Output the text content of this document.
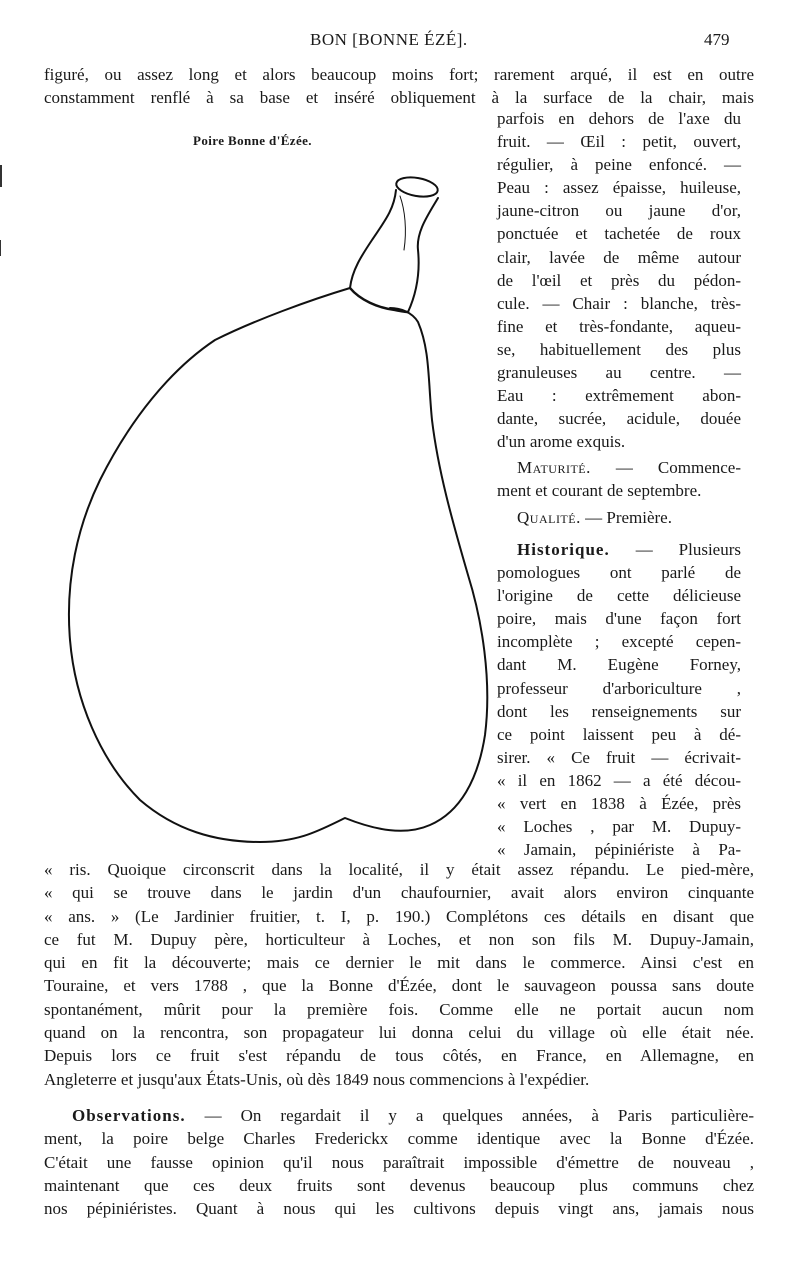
BON [BONNE ÉZÉ].	479
figuré, ou assez long et alors beaucoup moins fort; rarement arqué, il est en outre
constamment renflé à sa base et inséré obliquement à la surface de la chair, mais
Poire Bonne d'Ézée.
parfois en dehors de l'axe du
fruit. — Œil : petit, ouvert,
régulier, à peine enfoncé. —
Peau : assez épaisse, huileuse,
jaune-citron ou jaune d'or,
ponctuée et tachetée de roux
clair, lavée de même autour
de l'œil et près du pédon-
cule. — Chair : blanche, très-
fine et très-fondante, aqueu-
se, habituellement des plus
granuleuses au centre. —
Eau : extrêmement abon-
dante, sucrée, acidule, douée
d'un arome exquis.
Maturité. — Commence-
ment et courant de septembre.
Qualité. — Première.
Historique. — Plusieurs
pomologues ont parlé de
l'origine de cette délicieuse
poire, mais d'une façon fort
incomplète ; excepté cepen-
dant M. Eugène Forney,
professeur d'arboriculture ,
dont les renseignements sur
ce point laissent peu à dé-
sirer. « Ce fruit — écrivait-
« il en 1862 — a été décou-
« vert en 1838 à Ézée, près
« Loches , par M. Dupuy-
« Jamain, pépiniériste à Pa-
« ris. Quoique circonscrit dans la localité, il y était assez répandu. Le pied-mère,
« qui se trouve dans le jardin d'un chaufournier, avait alors environ cinquante
« ans. » (Le Jardinier fruitier, t. I, p. 190.) Complétons ces détails en disant que
ce fut M. Dupuy père, horticulteur à Loches, et non son fils M. Dupuy-Jamain,
qui en fit la découverte; mais ce dernier le mit dans le commerce. Ainsi c'est en
Touraine, et vers 1788 , que la Bonne d'Ézée, dont le sauvageon poussa sans doute
spontanément, mûrit pour la première fois. Comme elle ne portait aucun nom
quand on la rencontra, son propagateur lui donna celui du village où elle était née.
Depuis lors ce fruit s'est répandu de tous côtés, en France, en Allemagne, en
Angleterre et jusqu'aux États-Unis, où dès 1849 nous commencions à l'expédier.
Observations. — On regardait il y a quelques années, à Paris particulière-
ment, la poire belge Charles Frederickx comme identique avec la Bonne d'Ézée.
C'était une fausse opinion qu'il nous paraîtrait impossible d'émettre de nouveau ,
maintenant que ces deux fruits sont devenus beaucoup plus communs chez
nos pépiniéristes. Quant à nous qui les cultivons depuis vingt ans, jamais nous
